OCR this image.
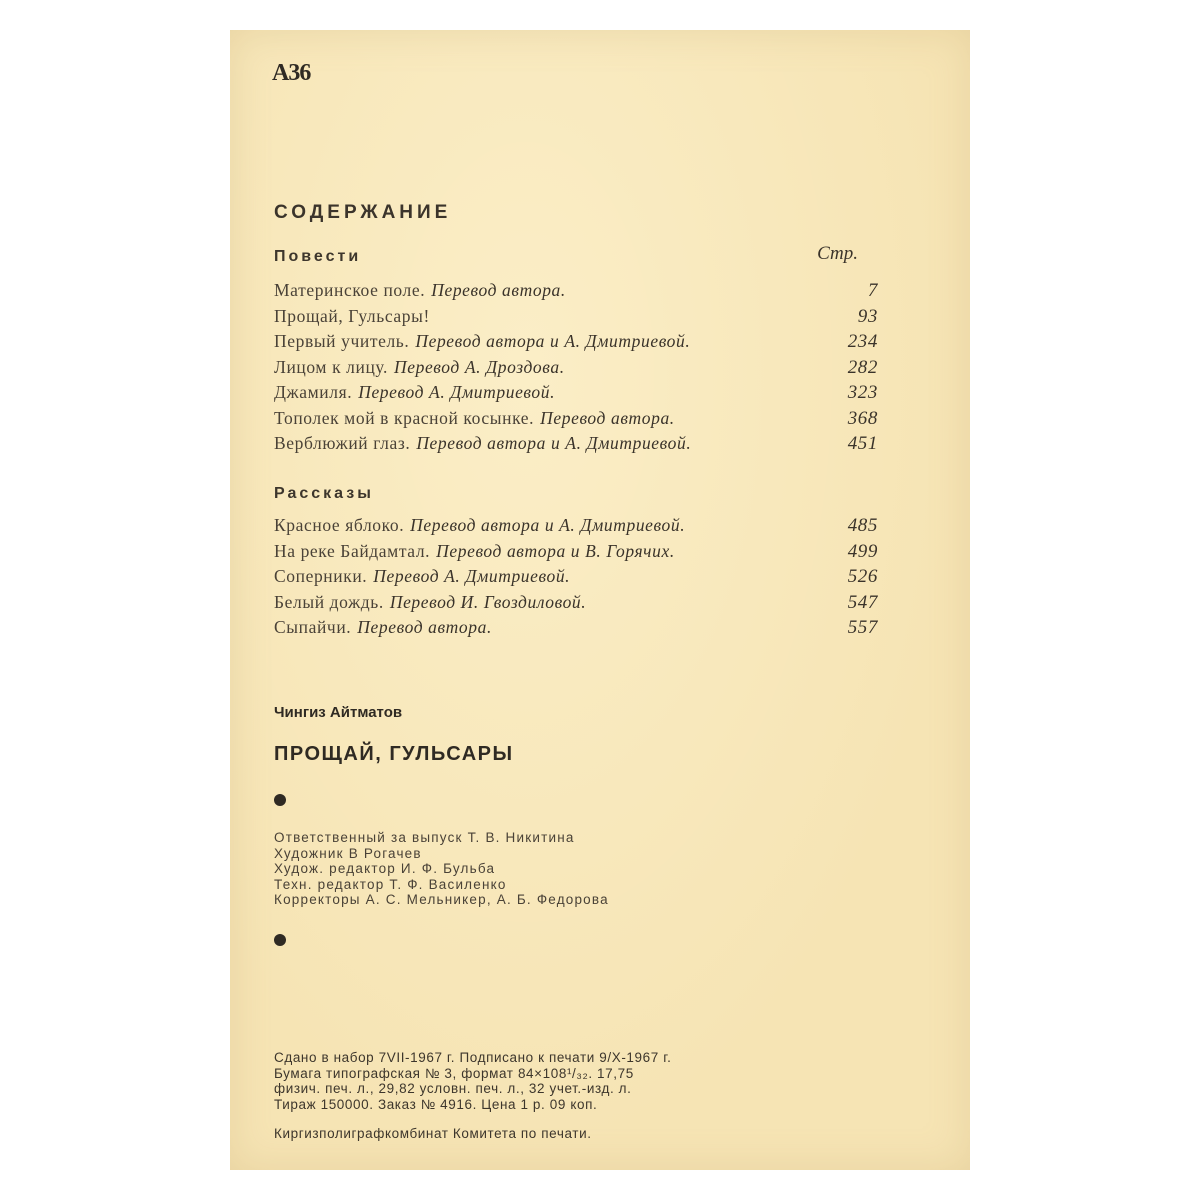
А36
СОДЕРЖАНИЕ
Повести	Стр.
Материнское поле. Перевод автора.	7
Прощай, Гульсары!	93
Первый учитель. Перевод автора и А. Дмитриевой.	234
Лицом к лицу. Перевод А. Дроздова.	282
Джамиля. Перевод А. Дмитриевой.	323
Тополек мой в красной косынке. Перевод автора.	368
Верблюжий глаз. Перевод автора и А. Дмитриевой.	451
Рассказы
Красное яблоко. Перевод автора и А. Дмитриевой.	485
На реке Байдамтал. Перевод автора и В. Горячих.	499
Соперники. Перевод А. Дмитриевой.	526
Белый дождь. Перевод И. Гвоздиловой.	547
Сыпайчи. Перевод автора.	557
Чингиз Айтматов
ПРОЩАЙ, ГУЛЬСАРЫ
Ответственный за выпуск Т. В. Никитина
Художник В Рогачев
Худож. редактор И. Ф. Бульба
Техн. редактор Т. Ф. Василенко
Корректоры А. С. Мельникер, А. Б. Федорова
Сдано в набор 7VII-1967 г. Подписано к печати 9/Х-1967 г.
Бумага типографская № 3, формат 84×108¹/₃₂. 17,75
физич. печ. л., 29,82 условн. печ. л., 32 учет.-изд. л.
Тираж 150000. Заказ № 4916. Цена 1 р. 09 коп.
Киргизполиграфкомбинат Комитета по печати.
